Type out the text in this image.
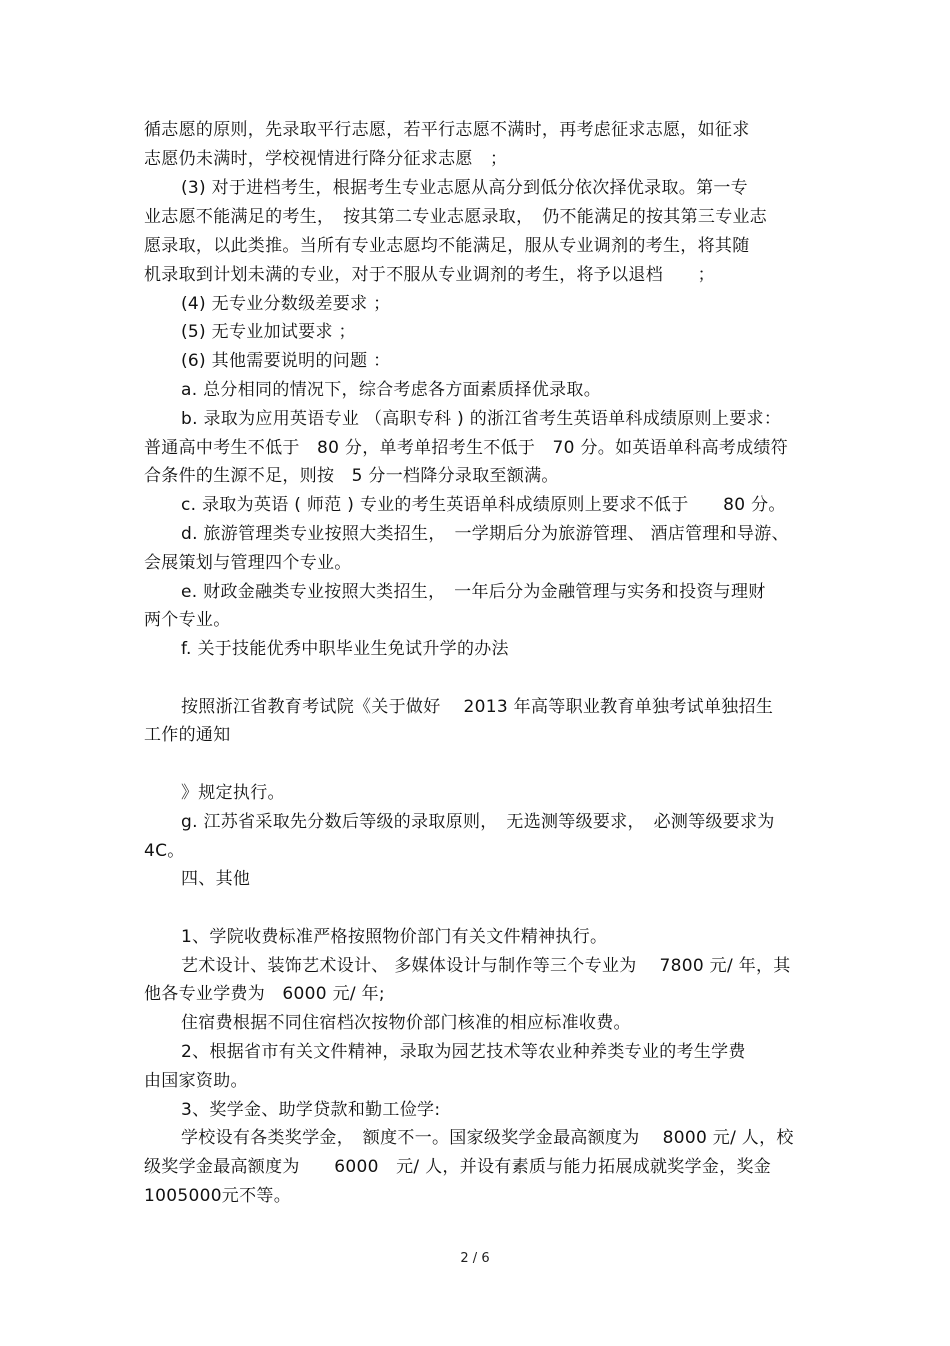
循志愿的原则，先录取平行志愿，若平行志愿不满时，再考虑征求志愿，如征求
志愿仍未满时，学校视情进行降分征求志愿　；
(3) 对于进档考生，根据考生专业志愿从高分到低分依次择优录取。第一专
业志愿不能满足的考生，　按其第二专业志愿录取，　仍不能满足的按其第三专业志
愿录取，以此类推。当所有专业志愿均不能满足，服从专业调剂的考生，将其随
机录取到计划未满的专业，对于不服从专业调剂的考生，将予以退档　　；
(4) 无专业分数级差要求 ；
(5) 无专业加试要求 ；
(6) 其他需要说明的问题 ：
a. 总分相同的情况下，综合考虑各方面素质择优录取。
b. 录取为应用英语专业 （高职专科 ) 的浙江省考生英语单科成绩原则上要求：
普通高中考生不低于　80 分，单考单招考生不低于　70 分。如英语单科高考成绩符
合条件的生源不足，则按　5 分一档降分录取至额满。
c. 录取为英语 ( 师范 ) 专业的考生英语单科成绩原则上要求不低于　　80 分。
d. 旅游管理类专业按照大类招生，　一学期后分为旅游管理、 酒店管理和导游、
会展策划与管理四个专业。
e. 财政金融类专业按照大类招生，　一年后分为金融管理与实务和投资与理财
两个专业。
f. 关于技能优秀中职毕业生免试升学的办法
按照浙江省教育考试院《关于做好　 2013 年高等职业教育单独考试单独招生
工作的通知
》规定执行。
g. 江苏省采取先分数后等级的录取原则，　无选测等级要求，　必测等级要求为
4C。
四、其他
1、学院收费标准严格按照物价部门有关文件精神执行。
艺术设计、装饰艺术设计、 多媒体设计与制作等三个专业为　 7800 元/ 年，其
他各专业学费为　6000 元/ 年;
住宿费根据不同住宿档次按物价部门核准的相应标准收费。
2、根据省市有关文件精神，录取为园艺技术等农业种养类专业的考生学费
由国家资助。
3、奖学金、助学贷款和勤工俭学:
学校设有各类奖学金，　额度不一。国家级奖学金最高额度为　 8000 元/ 人，校
级奖学金最高额度为　　6000　元/ 人，并设有素质与能力拓展成就奖学金，奖金
1005000元不等。
2 / 6
